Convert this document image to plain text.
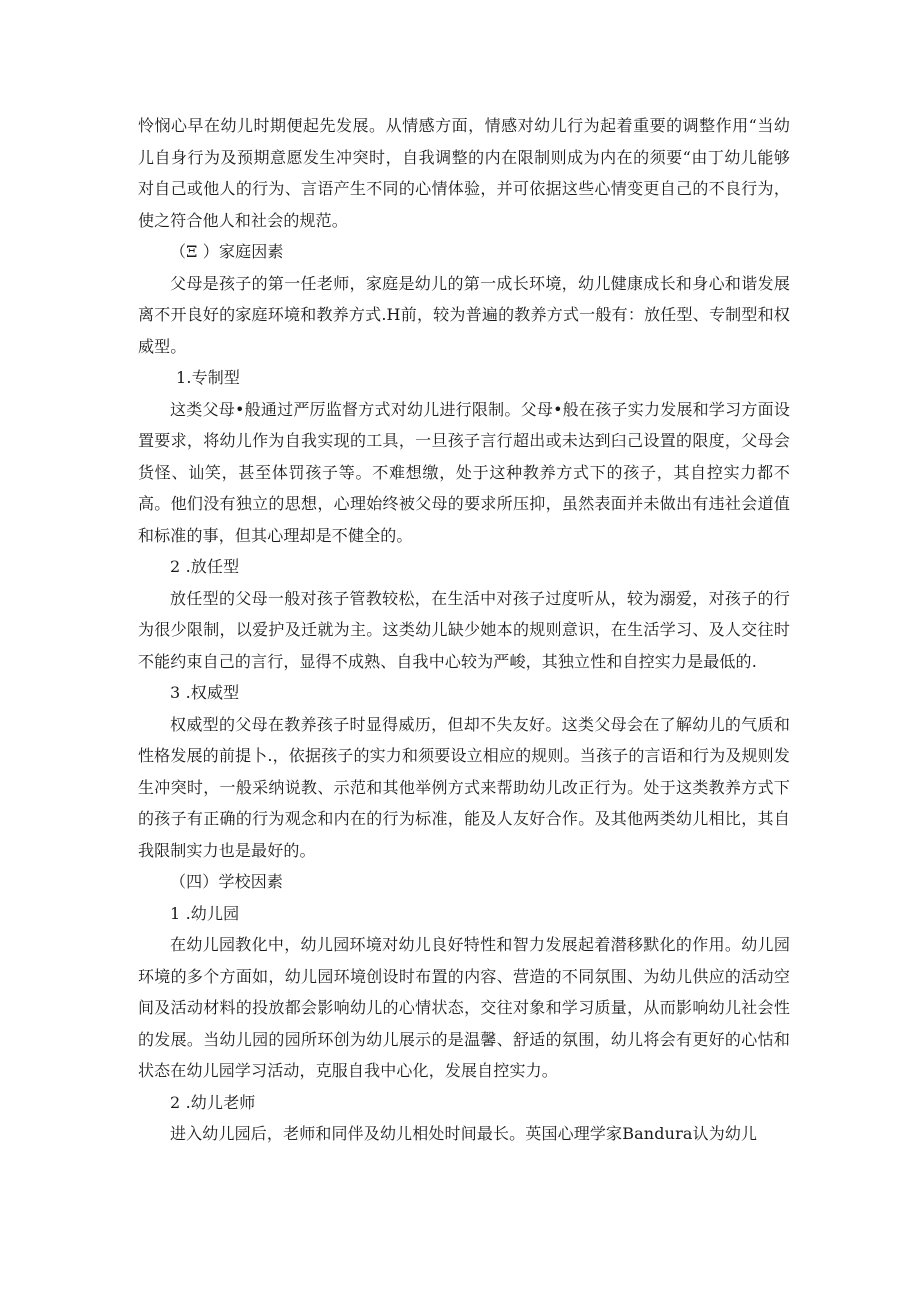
怜悯心早在幼儿时期便起先发展。从情感方面，情感对幼儿行为起着重要的调整作用“当幼儿自身行为及预期意愿发生冲突时，自我调整的内在限制则成为内在的须要“由丁幼儿能够对自己或他人的行为、言语产生不同的心情体验，并可依据这些心情变更自己的不良行为，使之符合他人和社会的规范。

（Ξ ）家庭因素

父母是孩子的第一任老师，家庭是幼儿的第一成长环境，幼儿健康成长和身心和谐发展离不开良好的家庭环境和教养方式.H前，较为普遍的教养方式一般有：放任型、专制型和权威型。

1.专制型

这类父母•般通过严厉监督方式对幼儿进行限制。父母•般在孩子实力发展和学习方面设置要求，将幼儿作为自我实现的工具，一旦孩子言行超出或未达到臼己设置的限度，父母会货怪、讪笑，甚至体罚孩子等。不难想缴，处于这种教养方式下的孩子，其自控实力都不高。他们没有独立的思想，心理始终被父母的要求所压抑，虽然表面并未做出有违社会道值和标准的事，但其心理却是不健全的。

2 .放任型

放任型的父母一般对孩子管教较松，在生活中对孩子过度听从，较为溺爱，对孩子的行为很少限制，以爱护及迁就为主。这类幼儿缺少她本的规则意识，在生活学习、及人交往时不能约束自己的言行，显得不成熟、自我中心较为严峻，其独立性和自控实力是最低的.

3 .权威型

权威型的父母在教养孩子时显得威历，但却不失友好。这类父母会在了解幼儿的气质和性格发展的前提卜.，依据孩子的实力和须要设立相应的规则。当孩子的言语和行为及规则发生冲突时，一般采纳说教、示范和其他举例方式来帮助幼儿改正行为。处于这类教养方式下的孩子有正确的行为观念和内在的行为标准，能及人友好合作。及其他两类幼儿相比，其自我限制实力也是最好的。

（四）学校因素

1 .幼儿园

在幼儿园教化中，幼儿园环境对幼儿良好特性和智力发展起着潜移默化的作用。幼儿园环境的多个方面如，幼儿园环境创设时布置的内容、营造的不同氛围、为幼儿供应的活动空间及活动材料的投放都会影响幼儿的心情状态，交往对象和学习质量，从而影响幼儿社会性的发展。当幼儿园的园所环创为幼儿展示的是温馨、舒适的氛围，幼儿将会有更好的心怙和状态在幼儿园学习活动，克服自我中心化，发展自控实力。

2 .幼儿老师

进入幼儿园后，老师和同伴及幼儿相处时间最长。英国心理学家Bandura认为幼儿
